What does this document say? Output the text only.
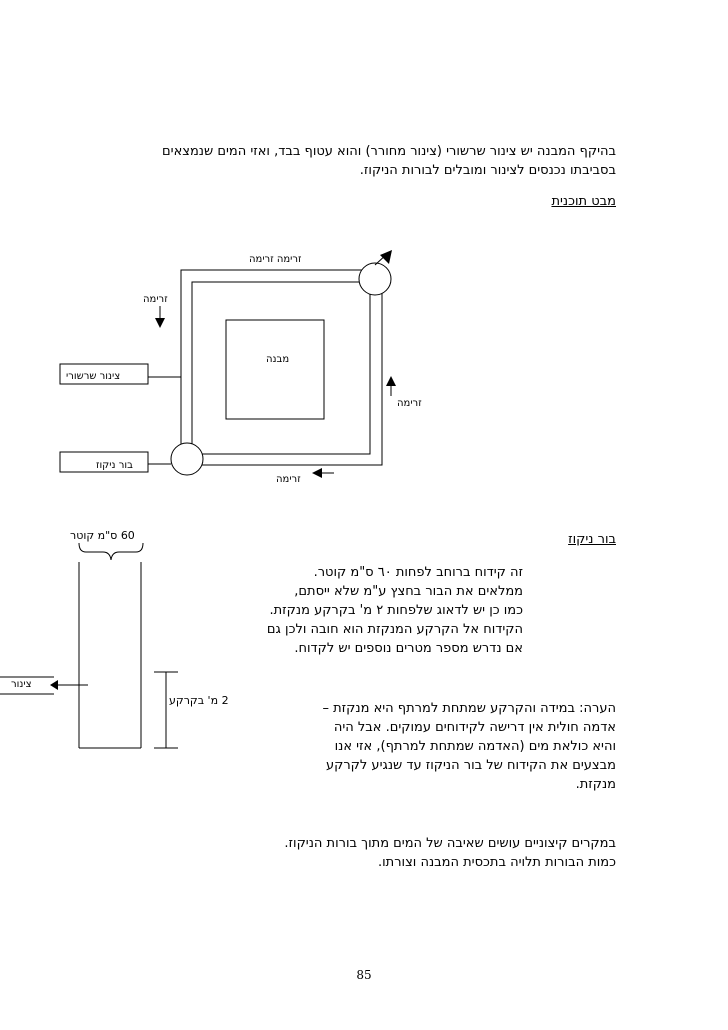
בהיקף המבנה יש צינור שרשורי (צינור מחורר) והוא עטוף בבד, ואזי המים שנמצאים
בסביבתו נכנסים לצינור ומובלים לבורות הניקוז.
מבט תוכנית
זרימה זרימה
זרימה
מבנה
צינור שרשורי
זרימה
בור ניקוז
זרימה
60 ס"מ קוטר
2 מ' בקרקע
צינור
בור ניקוז
זה קידוח ברוחב לפחות ٦٠ ס"מ קוטר.
ממלאים את הבור בחצץ ע"מ שלא ייסתם,
כמו כן יש לדאוג שלפחות ٢ מ' בקרקע מנקזת.
הקידוח אל הקרקע המנקזת הוא חובה ולכן גם
אם נדרש מספר מטרים נוספים יש לקדוח.
הערה: במידה והקרקע שמתחת למרתף היא מנקזת –
אדמה חולית אין דרישה לקידוחים עמוקים. אבל היה
והיא כולאת מים (האדמה שמתחת למרתף), אזי אנו
מבצעים את הקידוח של בור הניקוז עד שנגיע לקרקע
מנקזת.
במקרים קיצוניים עושים שאיבה של המים מתוך בורות הניקוז.
כמות הבורות תלויה בתכסית המבנה וצורתו.
85
